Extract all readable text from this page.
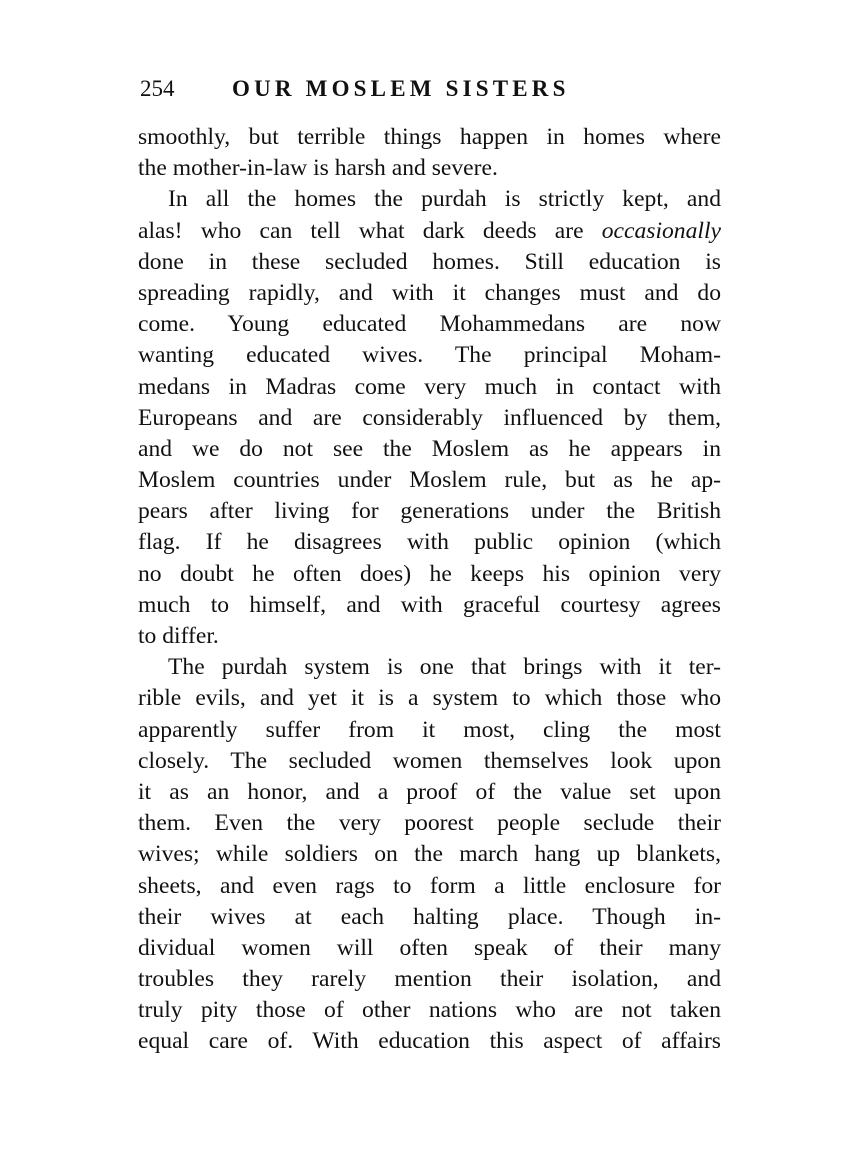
254	OUR MOSLEM SISTERS
smoothly, but terrible things happen in homes where
the mother-in-law is harsh and severe.
In all the homes the purdah is strictly kept, and
alas! who can tell what dark deeds are occasionally
done in these secluded homes. Still education is
spreading rapidly, and with it changes must and do
come. Young educated Mohammedans are now
wanting educated wives. The principal Moham-
medans in Madras come very much in contact with
Europeans and are considerably influenced by them,
and we do not see the Moslem as he appears in
Moslem countries under Moslem rule, but as he ap-
pears after living for generations under the British
flag. If he disagrees with public opinion (which
no doubt he often does) he keeps his opinion very
much to himself, and with graceful courtesy agrees
to differ.
The purdah system is one that brings with it ter-
rible evils, and yet it is a system to which those who
apparently suffer from it most, cling the most
closely. The secluded women themselves look upon
it as an honor, and a proof of the value set upon
them. Even the very poorest people seclude their
wives; while soldiers on the march hang up blankets,
sheets, and even rags to form a little enclosure for
their wives at each halting place. Though in-
dividual women will often speak of their many
troubles they rarely mention their isolation, and
truly pity those of other nations who are not taken
equal care of. With education this aspect of affairs
